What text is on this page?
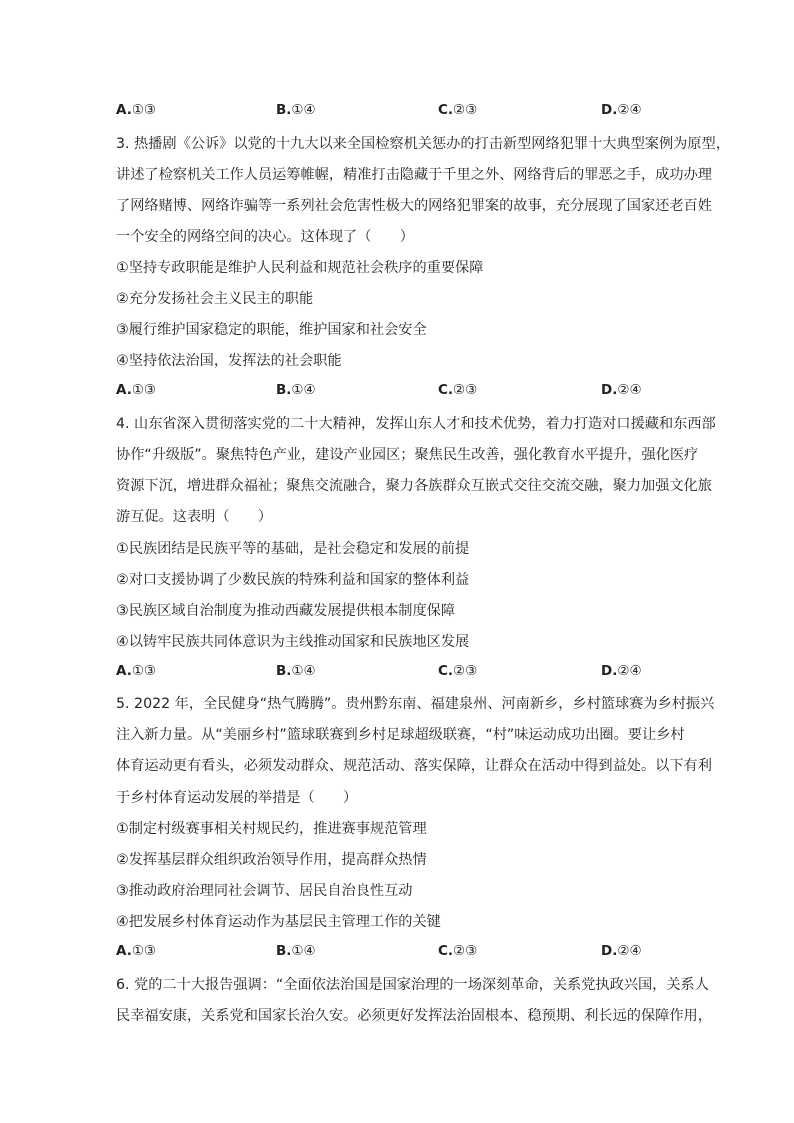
A.①③	B.①④	C.②③	D.②④
3. 热播剧《公诉》以党的十九大以来全国检察机关惩办的打击新型网络犯罪十大典型案例为原型，
讲述了检察机关工作人员运筹帷幄，精准打击隐藏于千里之外、网络背后的罪恶之手，成功办理
了网络赌博、网络诈骗等一系列社会危害性极大的网络犯罪案的故事，充分展现了国家还老百姓
一个安全的网络空间的决心。这体现了（　　）
①坚持专政职能是维护人民利益和规范社会秩序的重要保障
②充分发扬社会主义民主的职能
③履行维护国家稳定的职能，维护国家和社会安全
④坚持依法治国，发挥法的社会职能
A.①③	B.①④	C.②③	D.②④
4. 山东省深入贯彻落实党的二十大精神，发挥山东人才和技术优势，着力打造对口援藏和东西部
协作“升级版”。聚焦特色产业，建设产业园区；聚焦民生改善，强化教育水平提升，强化医疗
资源下沉，增进群众福祉；聚焦交流融合，聚力各族群众互嵌式交往交流交融，聚力加强文化旅
游互促。这表明（　　）
①民族团结是民族平等的基础，是社会稳定和发展的前提
②对口支援协调了少数民族的特殊利益和国家的整体利益
③民族区域自治制度为推动西藏发展提供根本制度保障
④以铸牢民族共同体意识为主线推动国家和民族地区发展
A.①③	B.①④	C.②③	D.②④
5. 2022 年，全民健身“热气腾腾”。贵州黔东南、福建泉州、河南新乡，乡村篮球赛为乡村振兴
注入新力量。从“美丽乡村”篮球联赛到乡村足球超级联赛，“村”味运动成功出圈。要让乡村
体育运动更有看头，必须发动群众、规范活动、落实保障，让群众在活动中得到益处。以下有利
于乡村体育运动发展的举措是（　　）
①制定村级赛事相关村规民约，推进赛事规范管理
②发挥基层群众组织政治领导作用，提高群众热情
③推动政府治理同社会调节、居民自治良性互动
④把发展乡村体育运动作为基层民主管理工作的关键
A.①③	B.①④	C.②③	D.②④
6. 党的二十大报告强调：“全面依法治国是国家治理的一场深刻革命，关系党执政兴国，关系人
民幸福安康，关系党和国家长治久安。必须更好发挥法治固根本、稳预期、利长远的保障作用，
